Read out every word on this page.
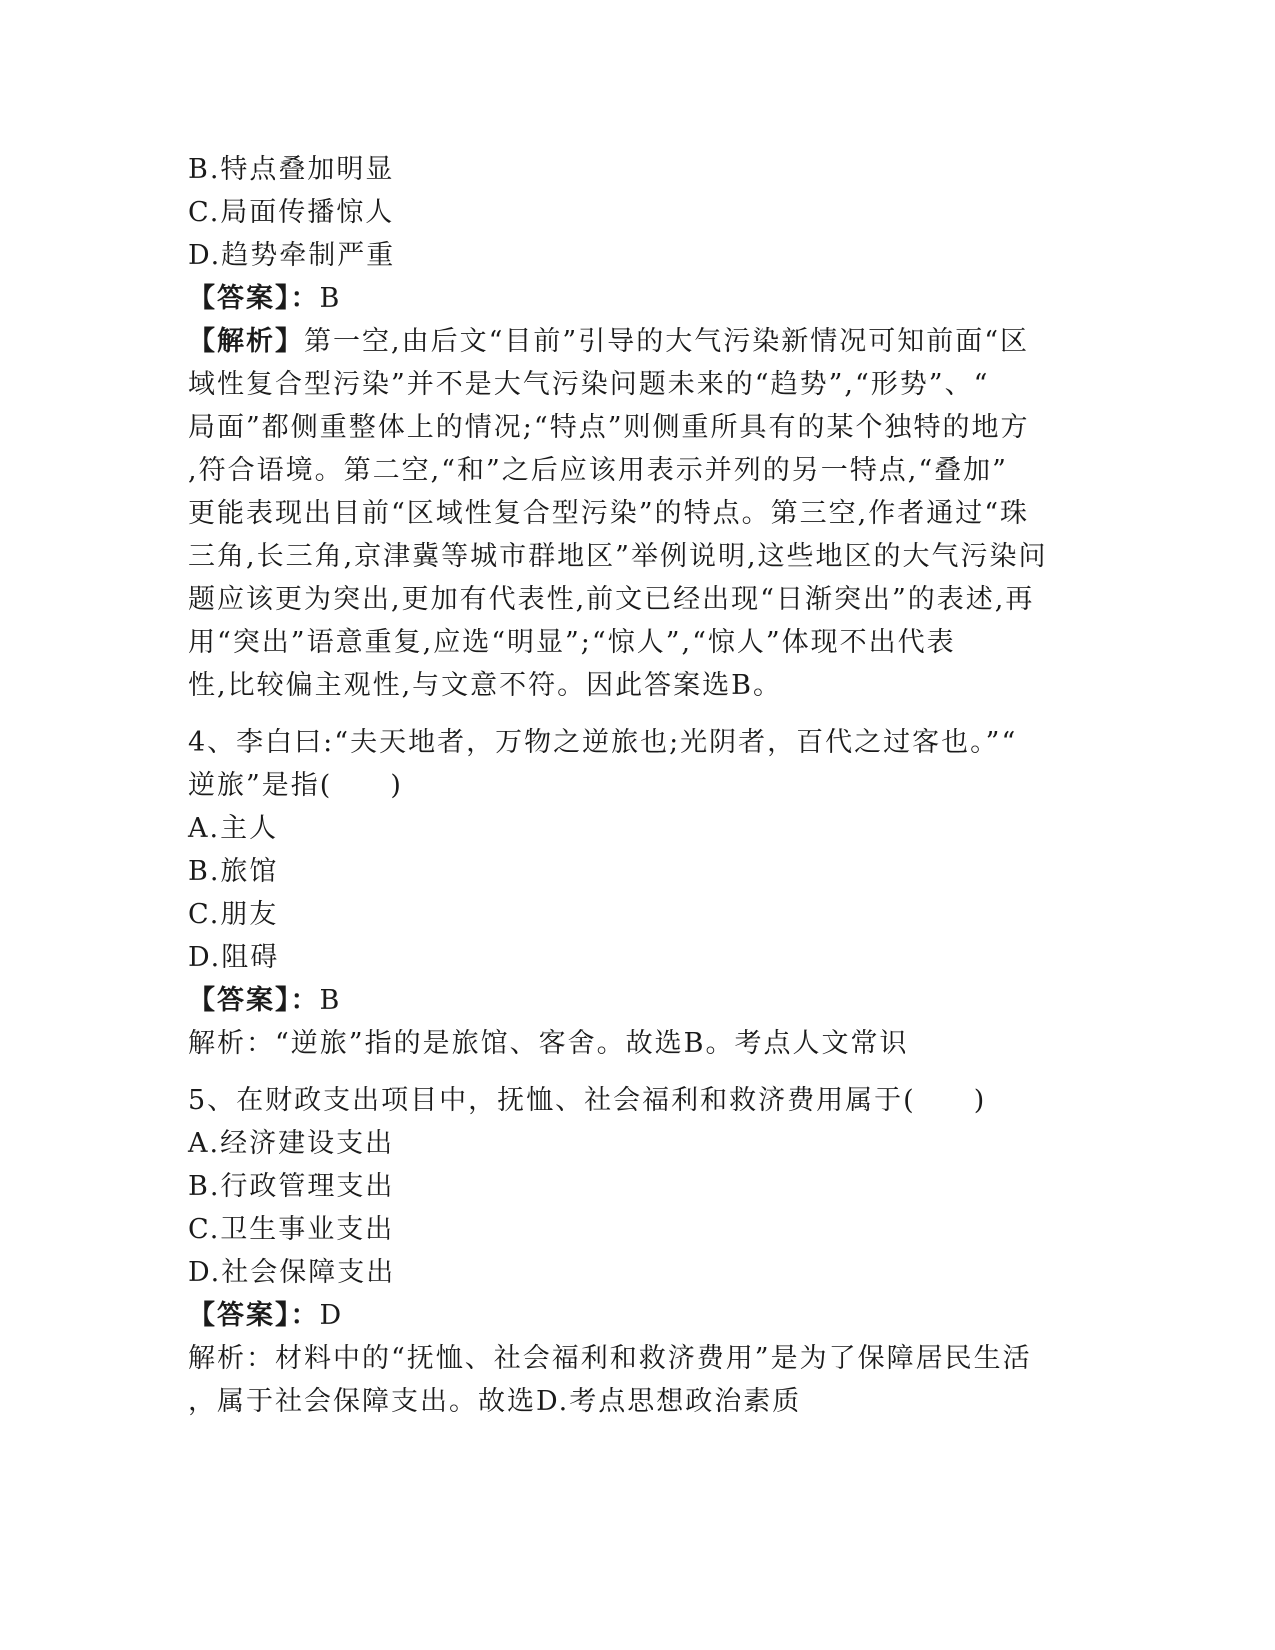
B.特点叠加明显
C.局面传播惊人
D.趋势牵制严重
【答案】：B
【解析】第一空,由后文“目前”引导的大气污染新情况可知前面“区
域性复合型污染”并不是大气污染问题未来的“趋势”,“形势”、“
局面”都侧重整体上的情况;“特点”则侧重所具有的某个独特的地方
,符合语境。第二空,“和”之后应该用表示并列的另一特点,“叠加”
更能表现出目前“区域性复合型污染”的特点。第三空,作者通过“珠
三角,长三角,京津冀等城市群地区”举例说明,这些地区的大气污染问
题应该更为突出,更加有代表性,前文已经出现“日渐突出”的表述,再
用“突出”语意重复,应选“明显”;“惊人”,“惊人”体现不出代表
性,比较偏主观性,与文意不符。因此答案选B。
4、李白曰:“夫天地者，万物之逆旅也;光阴者，百代之过客也。”“
逆旅”是指(　　)
A.主人
B.旅馆
C.朋友
D.阻碍
【答案】：B
解析：“逆旅”指的是旅馆、客舍。故选B。考点人文常识
5、在财政支出项目中，抚恤、社会福利和救济费用属于(　　)
A.经济建设支出
B.行政管理支出
C.卫生事业支出
D.社会保障支出
【答案】：D
解析：材料中的“抚恤、社会福利和救济费用”是为了保障居民生活
，属于社会保障支出。故选D.考点思想政治素质
